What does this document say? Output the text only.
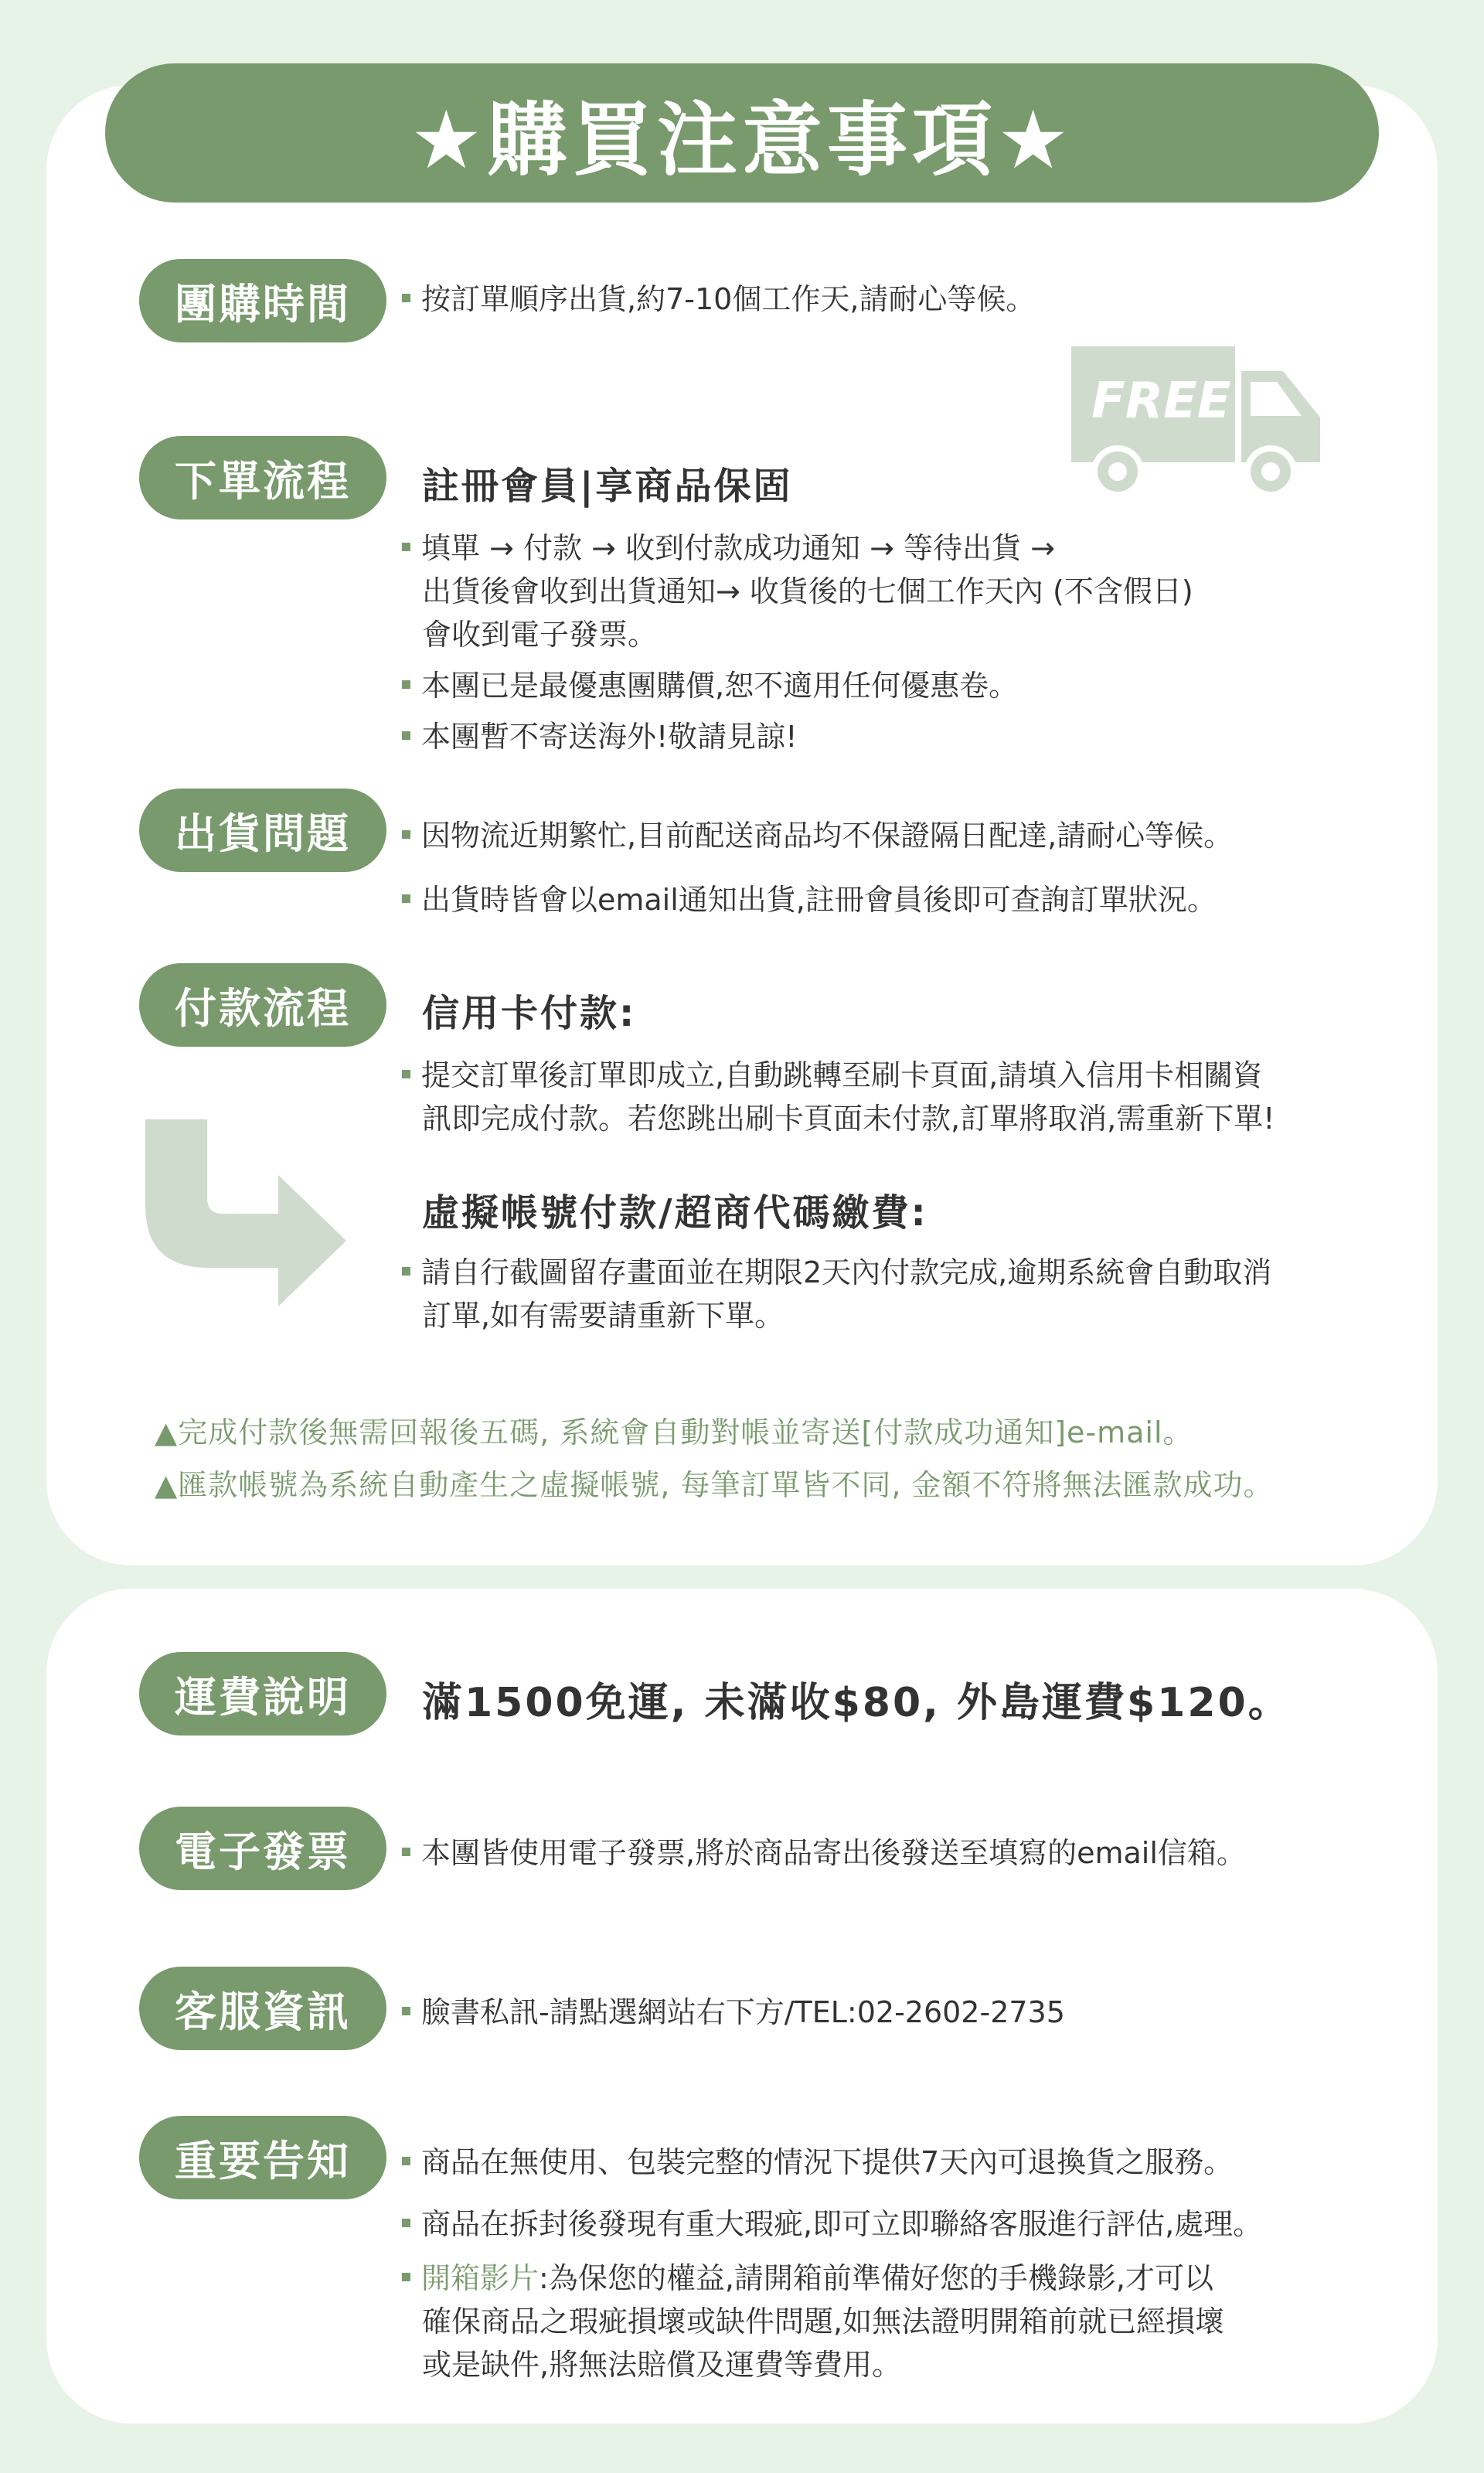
★購買注意事項★
FREE
團購時間	按訂單順序出貨,約7-10個工作天,請耐心等候。
下單流程	註冊會員|享商品保固
填單 → 付款 → 收到付款成功通知 → 等待出貨 →
出貨後會收到出貨通知→ 收貨後的七個工作天內 (不含假日)
會收到電子發票。
本團已是最優惠團購價,恕不適用任何優惠卷。
本團暫不寄送海外!敬請見諒!
出貨問題	因物流近期繁忙,目前配送商品均不保證隔日配達,請耐心等候。
出貨時皆會以email通知出貨,註冊會員後即可查詢訂單狀況。
付款流程	信用卡付款:
提交訂單後訂單即成立,自動跳轉至刷卡頁面,請填入信用卡相關資
訊即完成付款。若您跳出刷卡頁面未付款,訂單將取消,需重新下單!
虛擬帳號付款/超商代碼繳費:
請自行截圖留存畫面並在期限2天內付款完成,逾期系統會自動取消
訂單,如有需要請重新下單。
▲完成付款後無需回報後五碼, 系統會自動對帳並寄送[付款成功通知]e-mail。
▲匯款帳號為系統自動產生之虛擬帳號, 每筆訂單皆不同, 金額不符將無法匯款成功。
運費說明	滿1500免運, 未滿收$80, 外島運費$120。
電子發票	本團皆使用電子發票,將於商品寄出後發送至填寫的email信箱。
客服資訊	臉書私訊-請點選網站右下方/TEL:02-2602-2735
重要告知	商品在無使用、包裝完整的情況下提供7天內可退換貨之服務。
商品在拆封後發現有重大瑕疵,即可立即聯絡客服進行評估,處理。
開箱影片:為保您的權益,請開箱前準備好您的手機錄影,才可以
確保商品之瑕疵損壞或缺件問題,如無法證明開箱前就已經損壞
或是缺件,將無法賠償及運費等費用。
